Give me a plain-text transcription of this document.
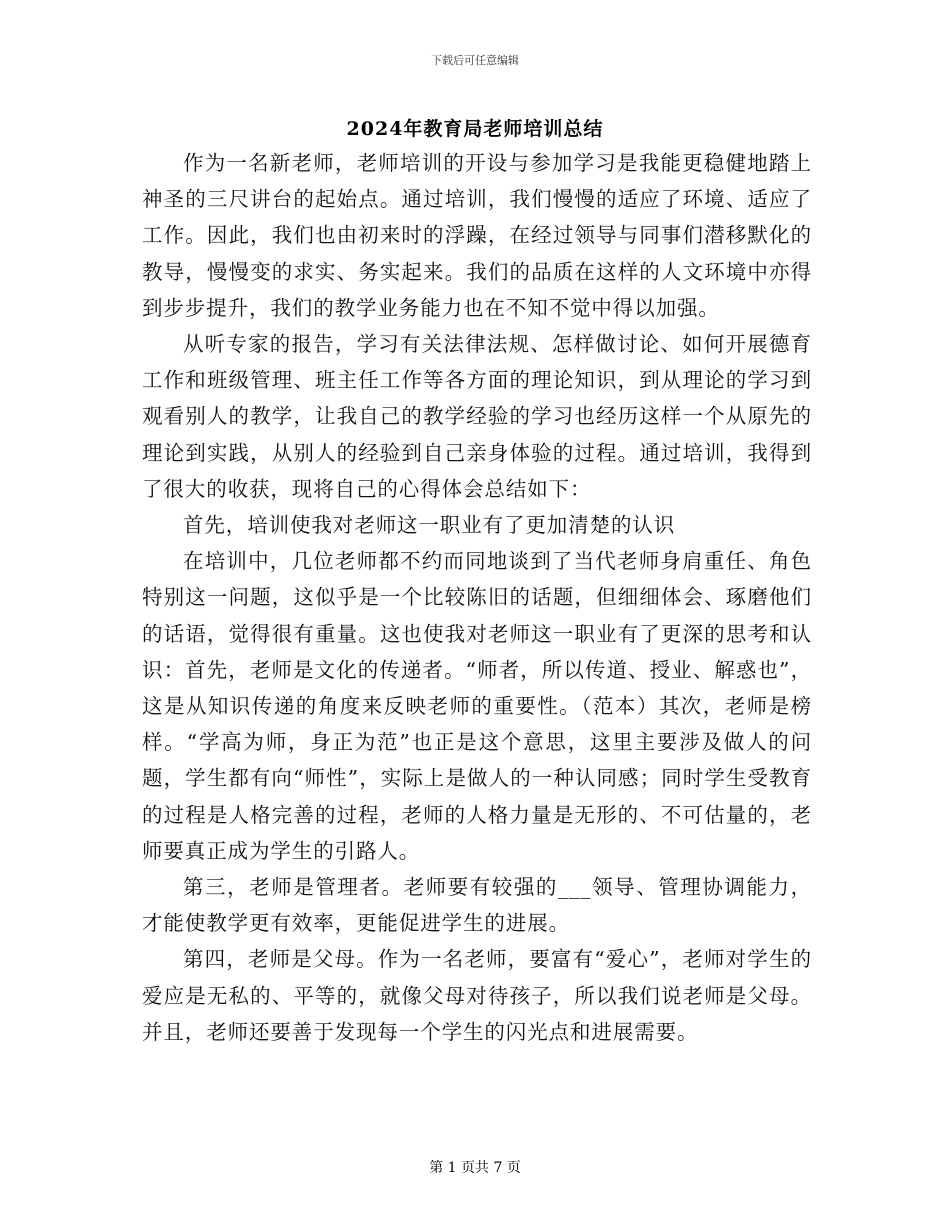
下载后可任意编辑
2024年教育局老师培训总结

作为一名新老师，老师培训的开设与参加学习是我能更稳健地踏上神圣的三尺讲台的起始点。通过培训，我们慢慢的适应了环境、适应了工作。因此，我们也由初来时的浮躁，在经过领导与同事们潜移默化的教导，慢慢变的求实、务实起来。我们的品质在这样的人文环境中亦得到步步提升，我们的教学业务能力也在不知不觉中得以加强。

从听专家的报告，学习有关法律法规、怎样做讨论、如何开展德育工作和班级管理、班主任工作等各方面的理论知识，到从理论的学习到观看别人的教学，让我自己的教学经验的学习也经历这样一个从原先的理论到实践，从别人的经验到自己亲身体验的过程。通过培训，我得到了很大的收获，现将自己的心得体会总结如下：

首先，培训使我对老师这一职业有了更加清楚的认识

在培训中，几位老师都不约而同地谈到了当代老师身肩重任、角色特别这一问题，这似乎是一个比较陈旧的话题，但细细体会、琢磨他们的话语，觉得很有重量。这也使我对老师这一职业有了更深的思考和认识：首先，老师是文化的传递者。“师者，所以传道、授业、解惑也”，这是从知识传递的角度来反映老师的重要性。（范本）其次，老师是榜样。“学高为师，身正为范”也正是这个意思，这里主要涉及做人的问题，学生都有向“师性”，实际上是做人的一种认同感；同时学生受教育的过程是人格完善的过程，老师的人格力量是无形的、不可估量的，老师要真正成为学生的引路人。

第三，老师是管理者。老师要有较强的___领导、管理协调能力，才能使教学更有效率，更能促进学生的进展。

第四，老师是父母。作为一名老师，要富有“爱心”，老师对学生的爱应是无私的、平等的，就像父母对待孩子，所以我们说老师是父母。并且，老师还要善于发现每一个学生的闪光点和进展需要。

第 1 页共 7 页
